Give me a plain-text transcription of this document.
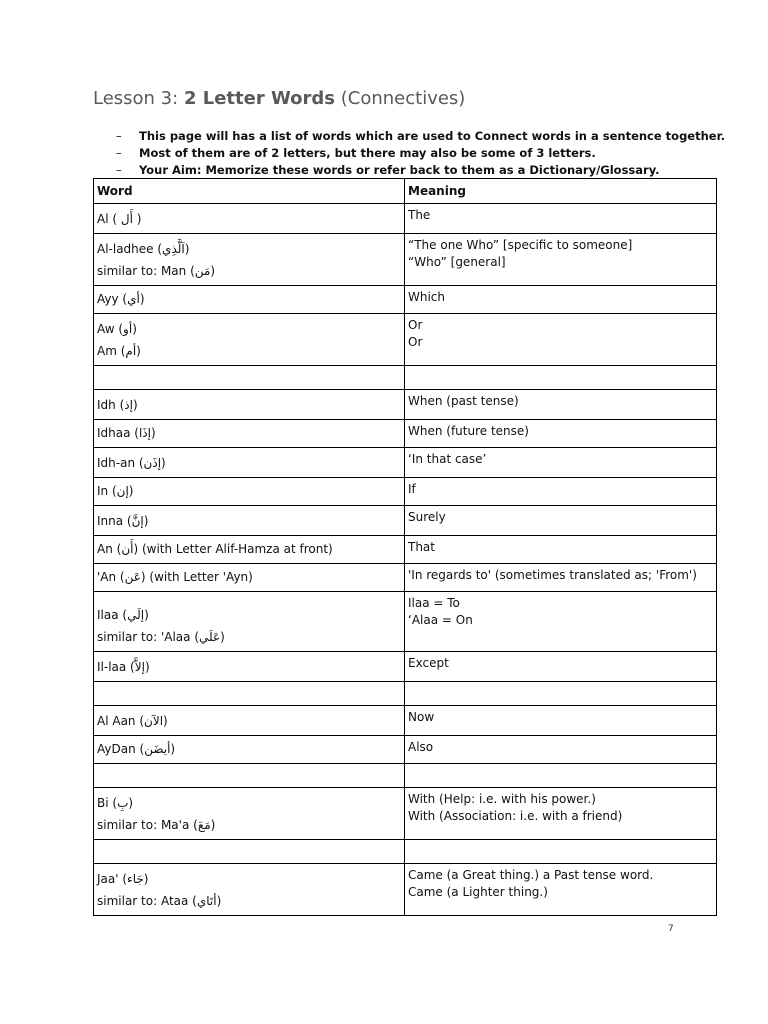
Lesson 3: 2 Letter Words (Connectives)
– This page will has a list of words which are used to Connect words in a sentence together.
– Most of them are of 2 letters, but there may also be some of 3 letters.
– Your Aim: Memorize these words or refer back to them as a Dictionary/Glossary.
Word	Meaning

Al ( أَل )	The

Al-ladhee (اَلَّذِي)
similar to: Man (مَن)	“The one Who” [specific to someone]
“Who” [general]

Ayy (أي)	Which

Aw (أو)
Am (أم)	Or
Or

Idh (إذ)	When (past tense)

Idhaa (إذَا)	When (future tense)

Idh-an (إذَن)	‘In that case’

In (إن)	If

Inna (إنَّ)	Surely

An (أَن) (with Letter Alif-Hamza at front)	That

'An (عَن) (with Letter 'Ayn)	'In regards to' (sometimes translated as; 'From')

Ilaa (إلَي)
similar to: 'Alaa (عَلَي)	Ilaa = To
‘Alaa = On

Il-laa (إلاَّ)	Except

Al Aan (الآن)	Now

AyDan (أيضَن)	Also

Bi (بِ)
similar to: Ma'a (مَعَ)	With (Help: i.e. with his power.)
With (Association: i.e. with a friend)

Jaa' (جَاء)
similar to: Ataa (أتَاي)	Came (a Great thing.) a Past tense word.
Came (a Lighter thing.)
7
